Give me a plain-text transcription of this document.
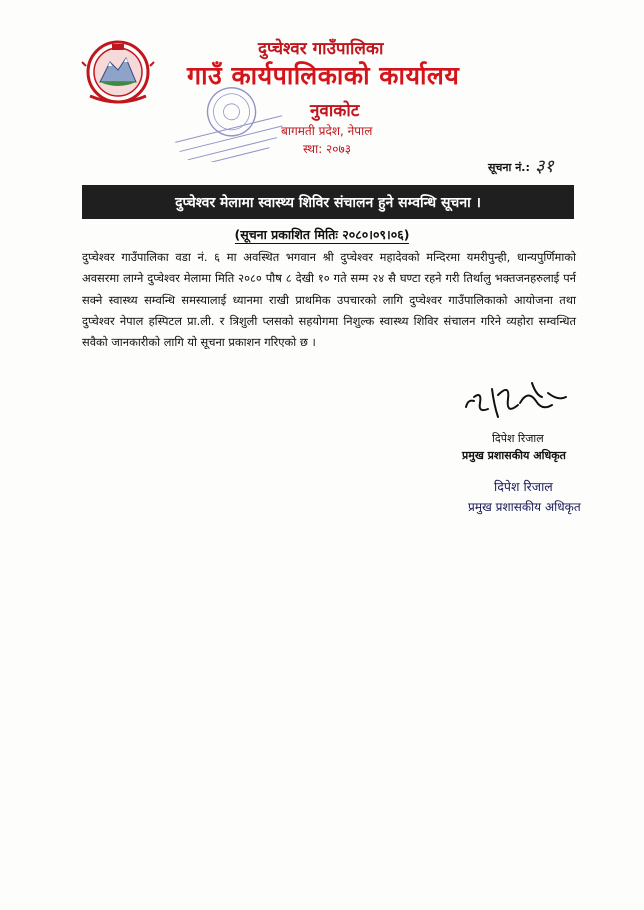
दुप्चेश्वर गाउँपालिका
गाउँ कार्यपालिकाको कार्यालय
नुवाकोट
बागमती प्रदेश, नेपाल
स्था: २०७३
सूचना नं.: ३१
दुप्चेश्वर मेलामा स्वास्थ्य शिविर संचालन हुने सम्वन्धि सूचना ।
(सूचना प्रकाशित मितिः २०८०।०९।०६)
दुप्चेश्वर गाउँपालिका वडा नं. ६ मा अवस्थित भगवान श्री दुप्चेश्वर महादेवको मन्दिरमा यमरीपुन्ही, धान्यपुर्णिमाको अवसरमा लाग्ने दुप्चेश्वर मेलामा मिति २०८० पौष ८ देखी १० गते सम्म २४ सै घण्टा रहने गरी तिर्थालु भक्तजनहरुलाई पर्न सक्ने स्वास्थ्य सम्वन्धि समस्यालाई ध्यानमा राखी प्राथमिक उपचारको लागि दुप्चेश्वर गाउँपालिकाको आयोजना तथा दुप्चेश्वर नेपाल हस्पिटल प्रा.ली. र त्रिशुली प्लसको सहयोगमा निशुल्क स्वास्थ्य शिविर संचालन गरिने व्यहोरा सम्वन्धित सवैको जानकारीको लागि यो सूचना प्रकाशन गरिएको छ ।
दिपेश रिजाल
प्रमुख प्रशासकीय अधिकृत
दिपेश रिजाल
प्रमुख प्रशासकीय अधिकृत
